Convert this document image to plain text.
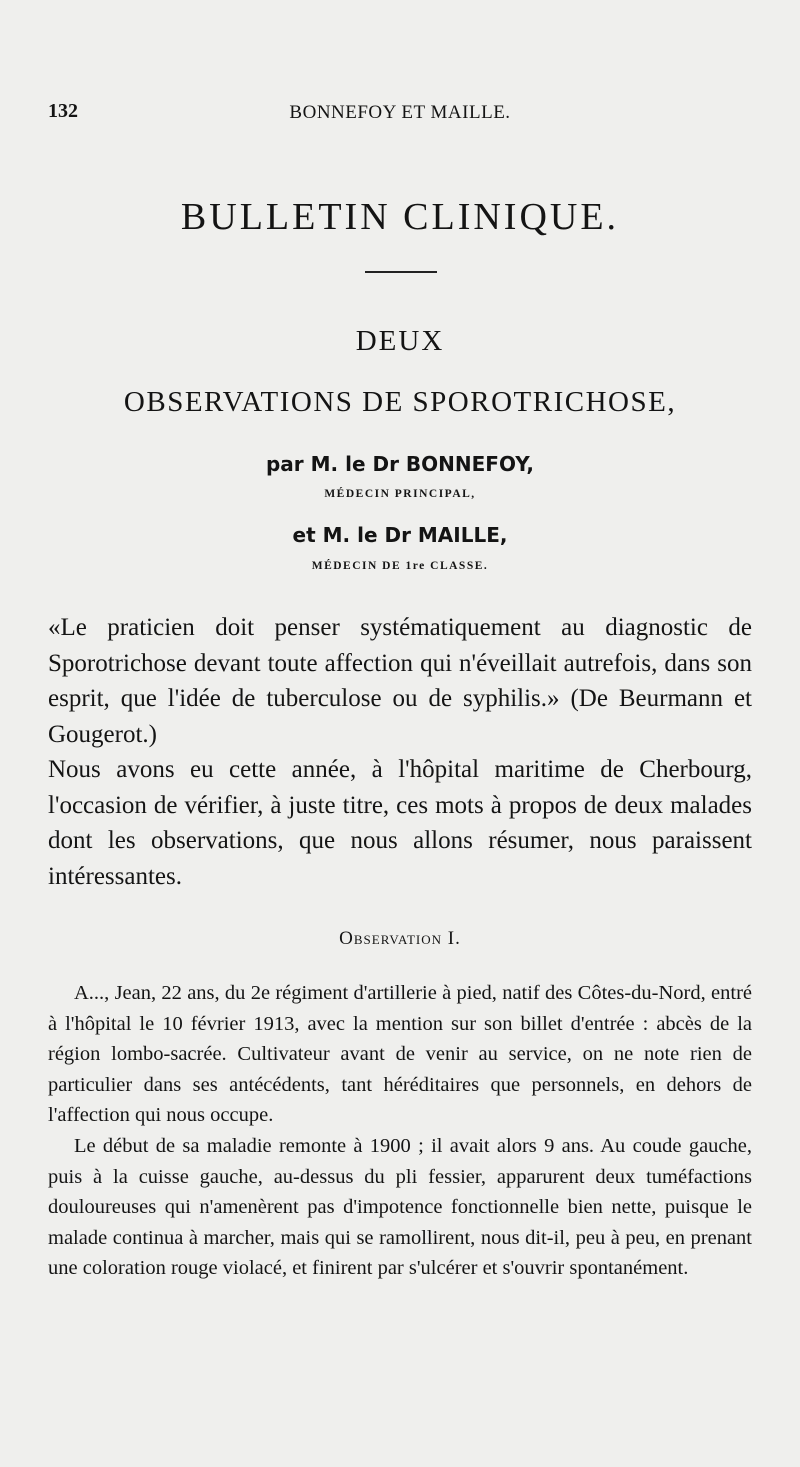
132	BONNEFOY ET MAILLE.
BULLETIN CLINIQUE.
DEUX
OBSERVATIONS DE SPOROTRICHOSE,
par M. le Dr BONNEFOY,
MÉDECIN PRINCIPAL,
et M. le Dr MAILLE,
MÉDECIN DE 1re CLASSE.

«Le praticien doit penser systématiquement au diagnostic de Sporotrichose devant toute affection qui n'éveillait autrefois, dans son esprit, que l'idée de tuberculose ou de syphilis.» (De Beurmann et Gougerot.)

Nous avons eu cette année, à l'hôpital maritime de Cherbourg, l'occasion de vérifier, à juste titre, ces mots à propos de deux malades dont les observations, que nous allons résumer, nous paraissent intéressantes.

Observation I.

A..., Jean, 22 ans, du 2e régiment d'artillerie à pied, natif des Côtes-du-Nord, entré à l'hôpital le 10 février 1913, avec la mention sur son billet d'entrée : abcès de la région lombo-sacrée. Cultivateur avant de venir au service, on ne note rien de particulier dans ses antécédents, tant héréditaires que personnels, en dehors de l'affection qui nous occupe.

Le début de sa maladie remonte à 1900 ; il avait alors 9 ans. Au coude gauche, puis à la cuisse gauche, au-dessus du pli fessier, apparurent deux tuméfactions douloureuses qui n'amenèrent pas d'impotence fonctionnelle bien nette, puisque le malade continua à marcher, mais qui se ramollirent, nous dit-il, peu à peu, en prenant une coloration rouge violacé, et finirent par s'ulcérer et s'ouvrir spontanément.
